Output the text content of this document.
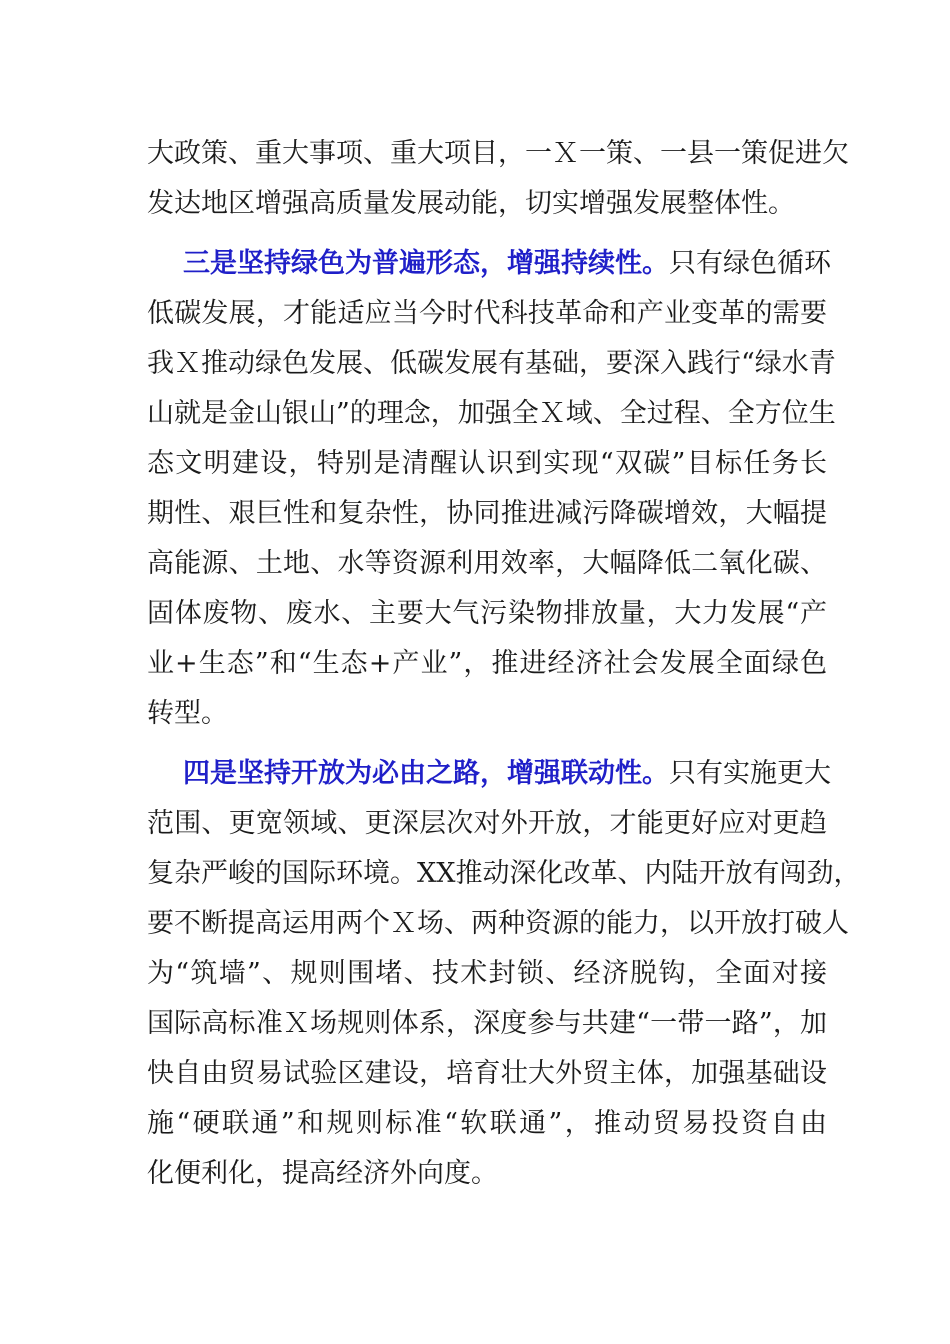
大政策、重大事项、重大项目，一Ｘ一策、一县一策促进欠
发达地区增强高质量发展动能，切实增强发展整体性。
三是坚持绿色为普遍形态，增强持续性。只有绿色循环
低碳发展，才能适应当今时代科技革命和产业变革的需要
我Ｘ推动绿色发展、低碳发展有基础，要深入践行“绿水青
山就是金山银山”的理念，加强全Ｘ域、全过程、全方位生
态文明建设，特别是清醒认识到实现“双碳”目标任务长
期性、艰巨性和复杂性，协同推进减污降碳增效，大幅提
高能源、土地、水等资源利用效率，大幅降低二氧化碳、
固体废物、废水、主要大气污染物排放量，大力发展“产
业+生态”和“生态+产业”，推进经济社会发展全面绿色
转型。
四是坚持开放为必由之路，增强联动性。只有实施更大
范围、更宽领域、更深层次对外开放，才能更好应对更趋
复杂严峻的国际环境。XX推动深化改革、内陆开放有闯劲，
要不断提高运用两个Ｘ场、两种资源的能力，以开放打破人
为“筑墙”、规则围堵、技术封锁、经济脱钩，全面对接
国际高标准Ｘ场规则体系，深度参与共建“一带一路”，加
快自由贸易试验区建设，培育壮大外贸主体，加强基础设
施“硬联通”和规则标准“软联通”，推动贸易投资自由
化便利化，提高经济外向度。
